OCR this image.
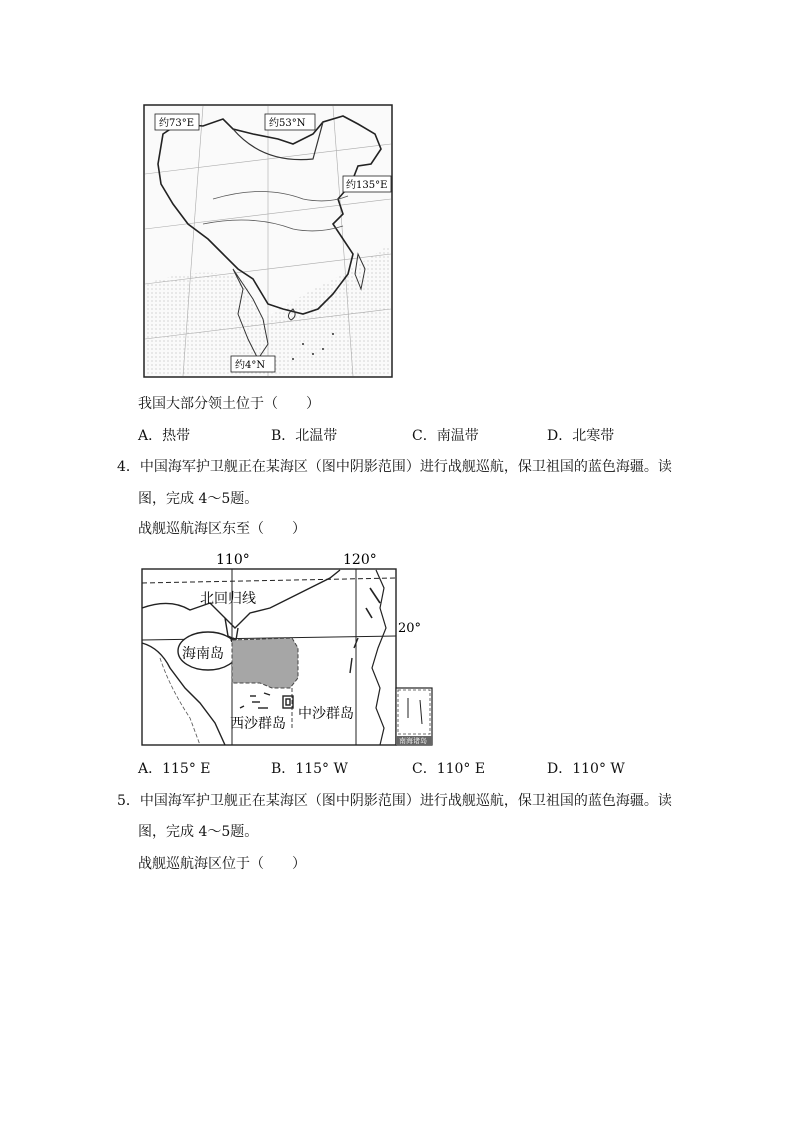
约73°E	约53°N
约135°E
约4°N
我国大部分领土位于（　　）
A．热带	B．北温带	C．南温带	D．北寒带
4．中国海军护卫舰正在某海区（图中阴影范围）进行战舰巡航，保卫祖国的蓝色海疆。读
图，完成 4～5题。
战舰巡航海区东至（　　）
110°	120°
20°
海南岛
中沙群岛
西沙群岛
北回归线
南海诸岛
A．115° E	B．115° W	C．110° E	D．110° W
5．中国海军护卫舰正在某海区（图中阴影范围）进行战舰巡航，保卫祖国的蓝色海疆。读
图，完成 4～5题。
战舰巡航海区位于（　　）
